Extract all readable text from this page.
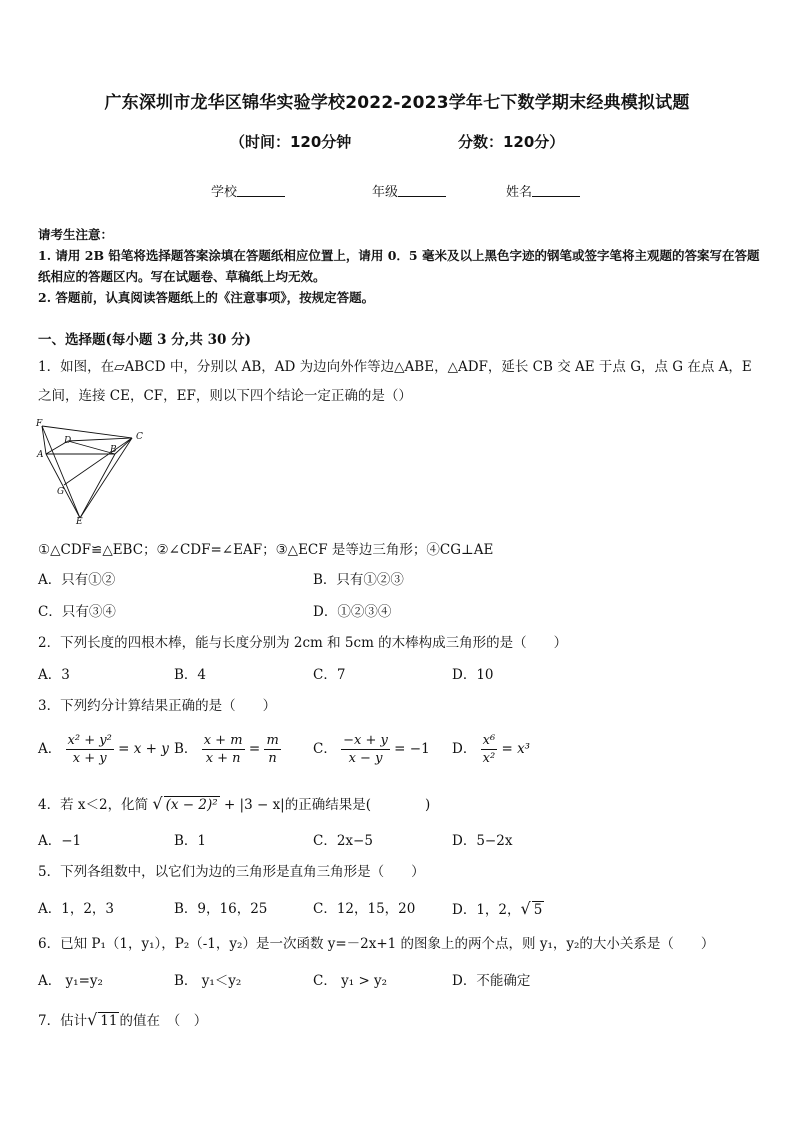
广东深圳市龙华区锦华实验学校2022-2023学年七下数学期末经典模拟试题
（时间：120分钟	分数：120分）
学校	年级	姓名
请考生注意：
1. 请用 2B 铅笔将选择题答案涂填在答题纸相应位置上，请用 0．5 毫米及以上黑色字迹的钢笔或签字笔将主观题的答案写在答题纸相应的答题区内。写在试题卷、草稿纸上均无效。
2. 答题前，认真阅读答题纸上的《注意事项》，按规定答题。
一、选择题(每小题 3 分,共 30 分)
1．如图，在▱ABCD 中，分别以 AB，AD 为边向外作等边△ABE，△ADF，延长 CB 交 AE 于点 G，点 G 在点 A，E 之间，连接 CE，CF，EF，则以下四个结论一定正确的是（）
F
D	C
A	B
G
E
①△CDF≌△EBC；②∠CDF=∠EAF；③△ECF 是等边三角形；④CG⊥AE
A．只有①②	B．只有①②③
C．只有③④	D．①②③④
2．下列长度的四根木棒，能与长度分别为 2cm 和 5cm 的木棒构成三角形的是（　　）
A．3	B．4	C．7	D．10
3．下列约分计算结果正确的是（　　）
A． $\frac{\text{x² + y²}}{x + y} = x + y$ B． $\frac{x + m}{x + n} = \frac{m}{n}$ C． $\frac{-x + y}{x - y} = -1$ D． $\frac{\text{x⁶}}{\text{x²}} = x^3$
4．若 x＜2，化简 √ (x − 2)² + |3 − x|的正确结果是(　　　　)
A．−1	B．1	C．2x−5	D．5−2x
5．下列各组数中，以它们为边的三角形是直角三角形是（　　）
A．1，2，3	B．9，16，25	C．12，15，20	D．1，2，√ 5
6．已知 P₁（1，y₁），P₂（-1，y₂）是一次函数 y=－2x+1 的图象上的两个点，则 y₁，y₂的大小关系是（　　）
A． y₁=y₂	B． y₁＜y₂	C． y₁ > y₂	D．不能确定
7．估计√ 11 的值在　（　）
